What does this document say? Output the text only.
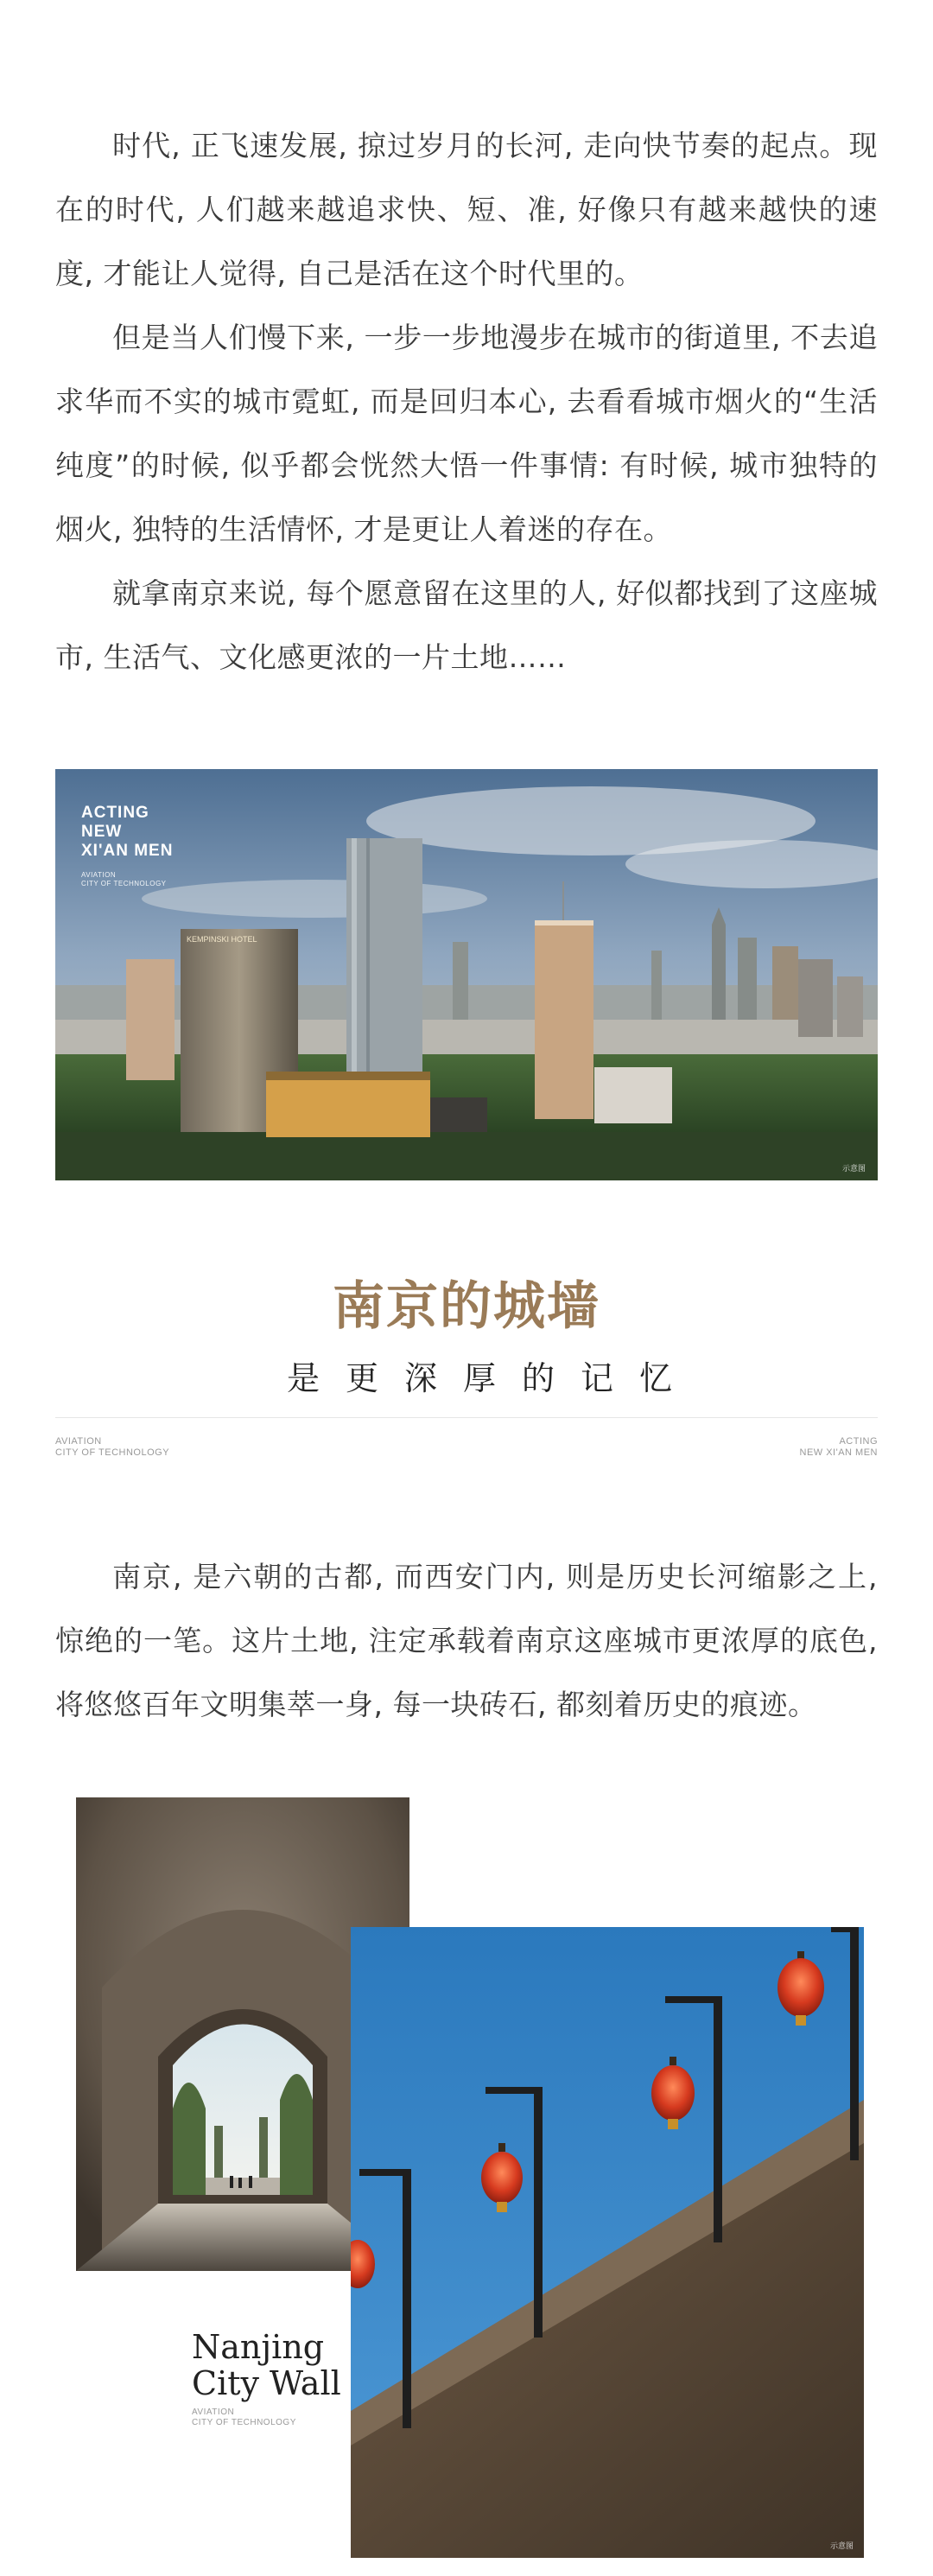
时代, 正飞速发展, 掠过岁月的长河, 走向快节奏的起点。现在的时代, 人们越来越追求快、短、准, 好像只有越来越快的速度, 才能让人觉得, 自己是活在这个时代里的。

但是当人们慢下来, 一步一步地漫步在城市的街道里, 不去追求华而不实的城市霓虹, 而是回归本心, 去看看城市烟火的“生活纯度”的时候, 似乎都会恍然大悟一件事情: 有时候, 城市独特的烟火, 独特的生活情怀, 才是更让人着迷的存在。

就拿南京来说, 每个愿意留在这里的人, 好似都找到了这座城市, 生活气、文化感更浓的一片土地……

KEMPINSKI HOTEL
ACTING
NEW
XI'AN MEN
AVIATION
CITY OF TECHNOLOGY
示意图
南京的城墙
是更深厚的记忆
AVIATION
CITY OF TECHNOLOGY
ACTING
NEW XI'AN MEN

南京, 是六朝的古都, 而西安门内, 则是历史长河缩影之上, 惊绝的一笔。这片土地, 注定承载着南京这座城市更浓厚的底色, 将悠悠百年文明集萃一身, 每一块砖石, 都刻着历史的痕迹。

示意图
Nanjing
City Wall
AVIATION
CITY OF TECHNOLOGY
